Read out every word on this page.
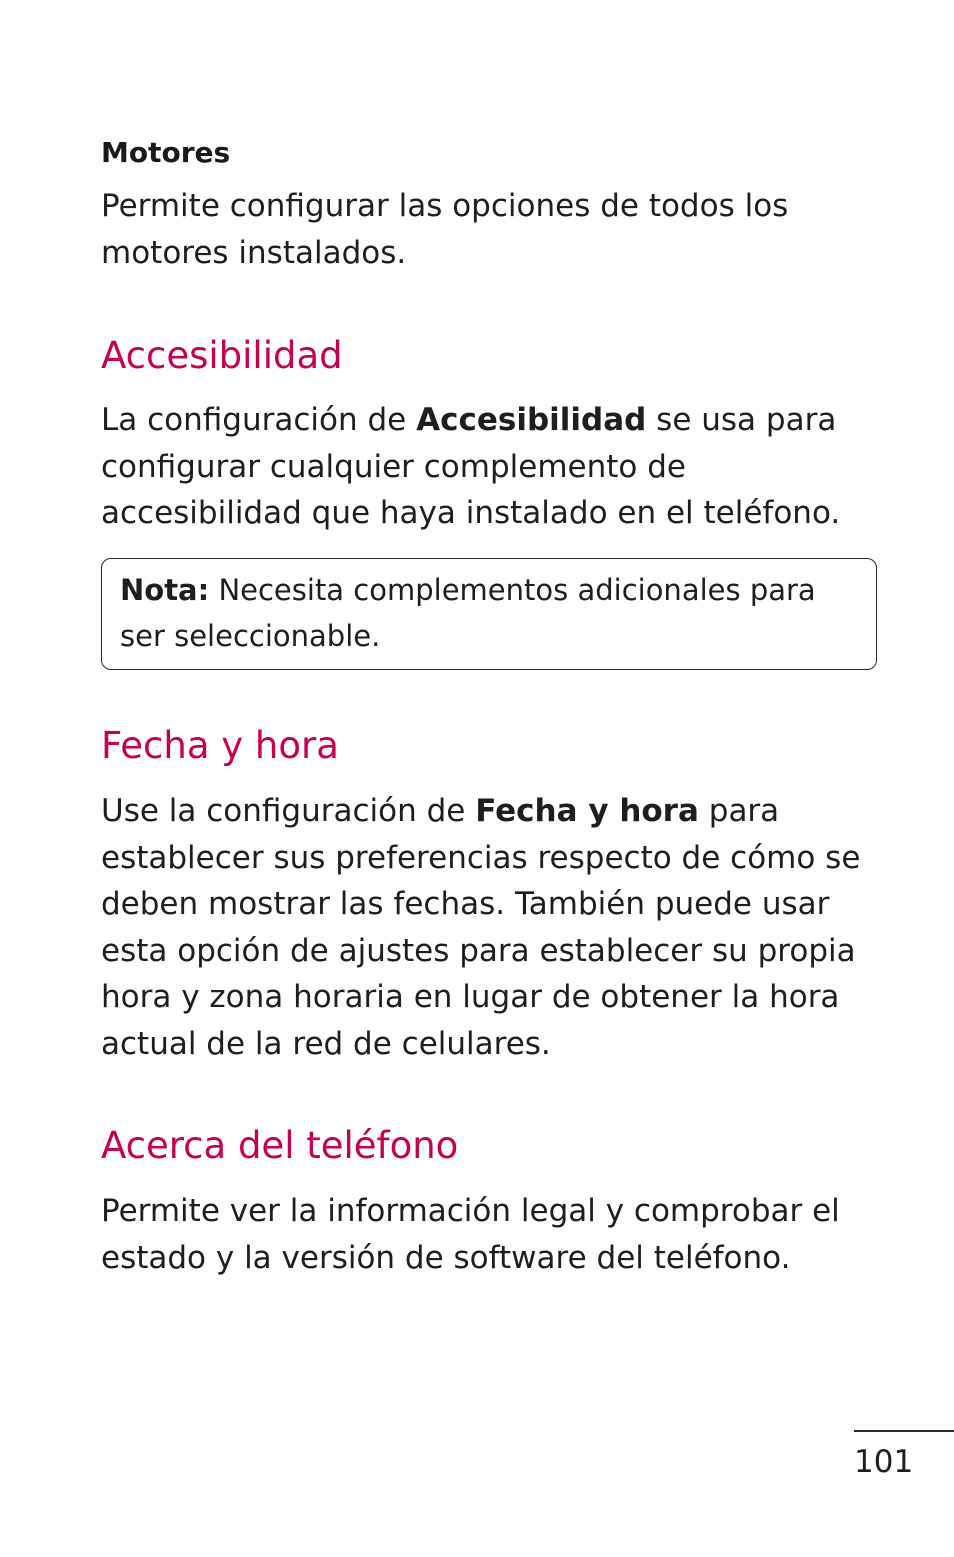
Motores

Permite configurar las opciones de todos los motores instalados.

Accesibilidad

La configuración de Accesibilidad se usa para configurar cualquier complemento de accesibilidad que haya instalado en el teléfono.

Nota: Necesita complementos adicionales para ser seleccionable.

Fecha y hora

Use la configuración de Fecha y hora para establecer sus preferencias respecto de cómo se deben mostrar las fechas. También puede usar esta opción de ajustes para establecer su propia hora y zona horaria en lugar de obtener la hora actual de la red de celulares.

Acerca del teléfono

Permite ver la información legal y comprobar el estado y la versión de software del teléfono.

101
